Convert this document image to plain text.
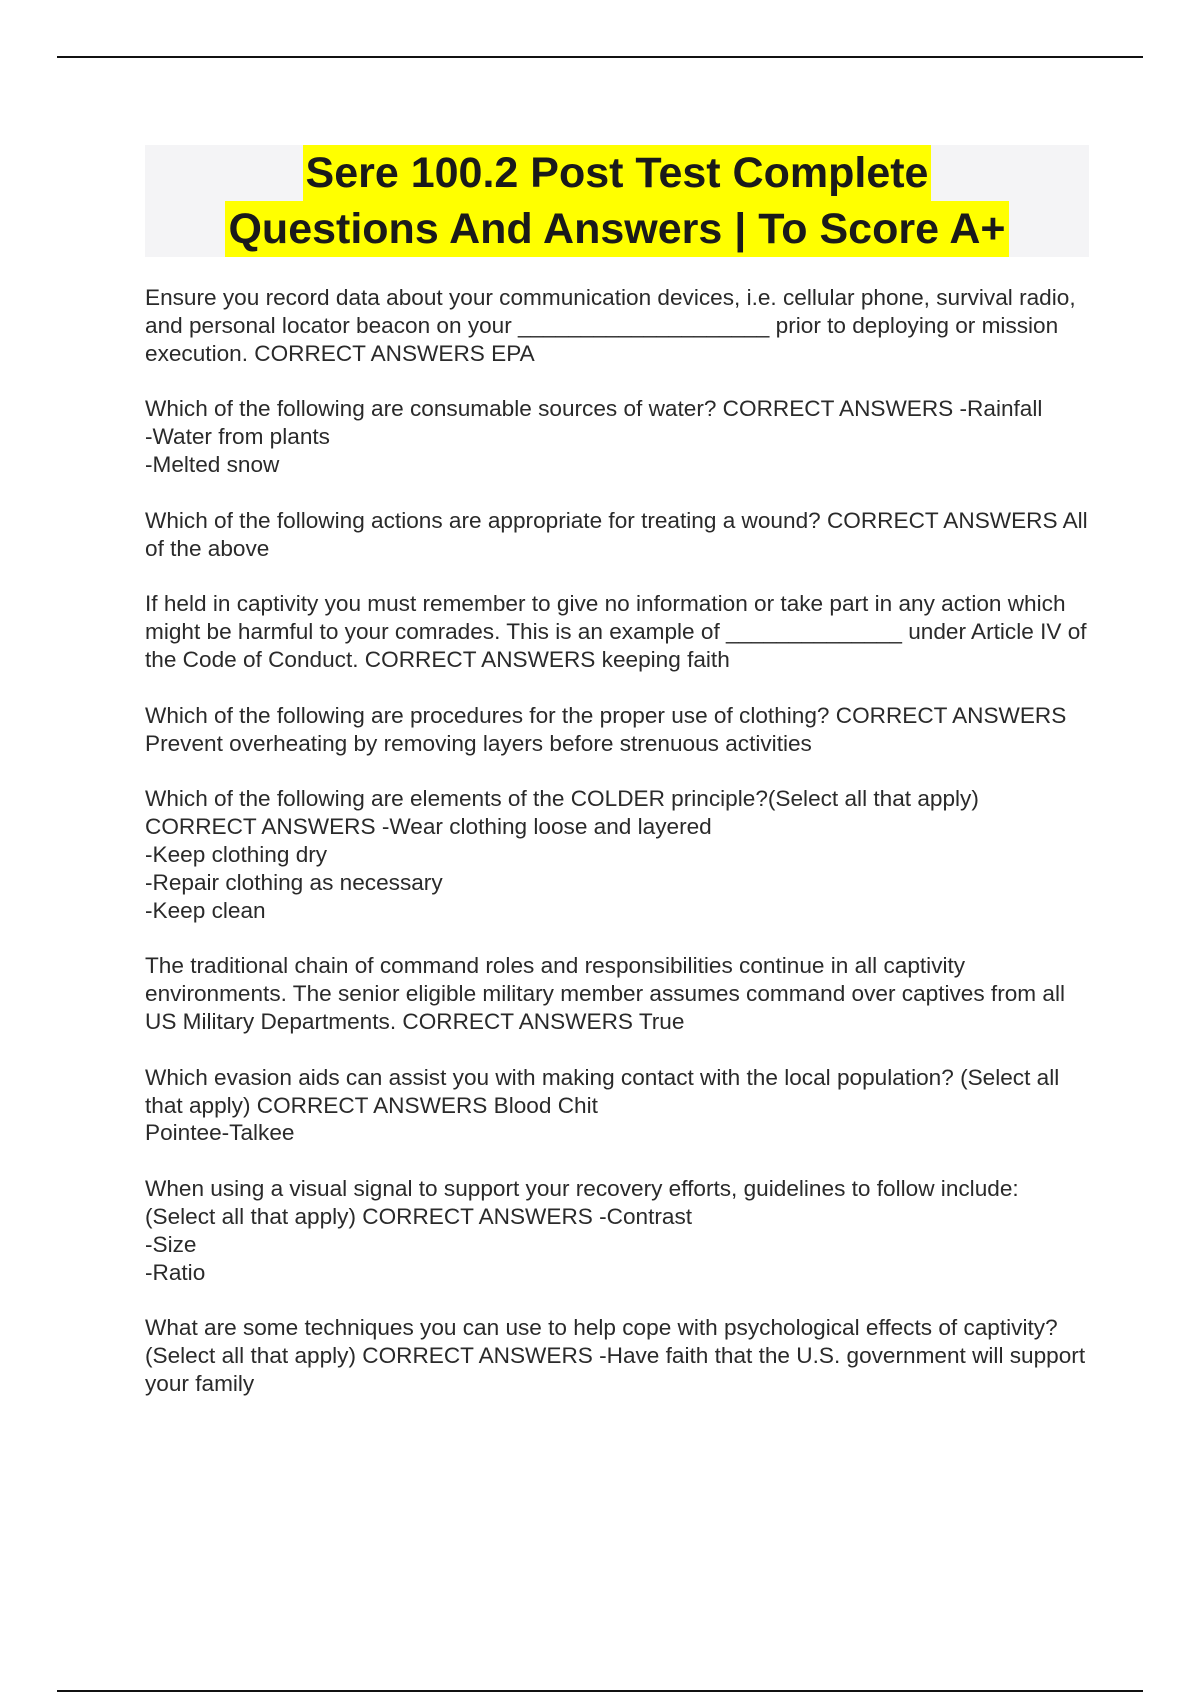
Sere 100.2 Post Test Complete
Questions And Answers | To Score A+
Ensure you record data about your communication devices, i.e. cellular phone, survival radio, and personal locator beacon on your ____________________ prior to deploying or mission execution. CORRECT ANSWERS EPA
Which of the following are consumable sources of water? CORRECT ANSWERS -Rainfall
-Water from plants
-Melted snow
Which of the following actions are appropriate for treating a wound? CORRECT ANSWERS All of the above
If held in captivity you must remember to give no information or take part in any action which might be harmful to your comrades. This is an example of ______________ under Article IV of the Code of Conduct. CORRECT ANSWERS keeping faith
Which of the following are procedures for the proper use of clothing? CORRECT ANSWERS Prevent overheating by removing layers before strenuous activities
Which of the following are elements of the COLDER principle?(Select all that apply) CORRECT ANSWERS -Wear clothing loose and layered
-Keep clothing dry
-Repair clothing as necessary
-Keep clean
The traditional chain of command roles and responsibilities continue in all captivity environments. The senior eligible military member assumes command over captives from all US Military Departments. CORRECT ANSWERS True
Which evasion aids can assist you with making contact with the local population? (Select all that apply) CORRECT ANSWERS Blood Chit
Pointee-Talkee
When using a visual signal to support your recovery efforts, guidelines to follow include: (Select all that apply) CORRECT ANSWERS -Contrast
-Size
-Ratio
What are some techniques you can use to help cope with psychological effects of captivity? (Select all that apply) CORRECT ANSWERS -Have faith that the U.S. government will support your family
